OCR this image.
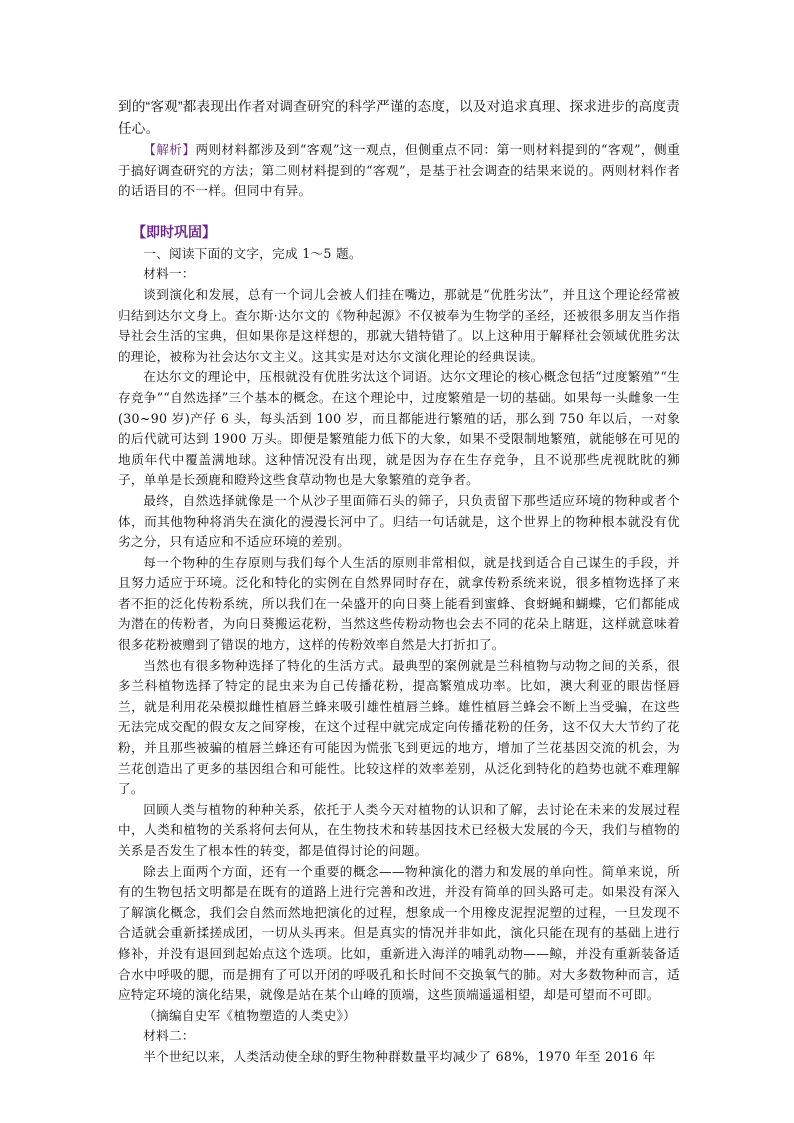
到的“客观”都表现出作者对调查研究的科学严谨的态度，以及对追求真理、探求进步的高度责任心。

【解析】两则材料都涉及到“客观”这一观点，但侧重点不同：第一则材料提到的“客观”，侧重于搞好调查研究的方法；第二则材料提到的“客观”，是基于社会调查的结果来说的。两则材料作者的话语目的不一样。但同中有异。

【即时巩固】

一、阅读下面的文字，完成 1～5 题。

材料一：

谈到演化和发展，总有一个词儿会被人们挂在嘴边，那就是“优胜劣汰”，并且这个理论经常被归结到达尔文身上。查尔斯·达尔文的《物种起源》不仅被奉为生物学的圣经，还被很多朋友当作指导社会生活的宝典，但如果你是这样想的，那就大错特错了。以上这种用于解释社会领域优胜劣汰的理论，被称为社会达尔文主义。这其实是对达尔文演化理论的经典误读。

在达尔文的理论中，压根就没有优胜劣汰这个词语。达尔文理论的核心概念包括“过度繁殖”“生存竞争”“自然选择”三个基本的概念。在这个理论中，过度繁殖是一切的基础。如果每一头雌象一生(30~90 岁)产仔 6 头，每头活到 100 岁，而且都能进行繁殖的话，那么到 750 年以后，一对象的后代就可达到 1900 万头。即便是繁殖能力低下的大象，如果不受限制地繁殖，就能够在可见的地质年代中覆盖满地球。这种情况没有出现，就是因为存在生存竞争，且不说那些虎视眈眈的狮子，单单是长颈鹿和瞪羚这些食草动物也是大象繁殖的竞争者。

最终，自然选择就像是一个从沙子里面筛石头的筛子，只负责留下那些适应环境的物种或者个体，而其他物种将消失在演化的漫漫长河中了。归结一句话就是，这个世界上的物种根本就没有优劣之分，只有适应和不适应环境的差别。

每一个物种的生存原则与我们每个人生活的原则非常相似，就是找到适合自己谋生的手段，并且努力适应于环境。泛化和特化的实例在自然界同时存在，就拿传粉系统来说，很多植物选择了来者不拒的泛化传粉系统，所以我们在一朵盛开的向日葵上能看到蜜蜂、食蚜蝇和蝴蝶，它们都能成为潜在的传粉者，为向日葵搬运花粉，当然这些传粉动物也会去不同的花朵上瞎逛，这样就意味着很多花粉被赠到了错误的地方，这样的传粉效率自然是大打折扣了。

当然也有很多物种选择了特化的生活方式。最典型的案例就是兰科植物与动物之间的关系，很多兰科植物选择了特定的昆虫来为自己传播花粉，提高繁殖成功率。比如，澳大利亚的眼齿怪唇兰，就是利用花朵模拟雌性植唇兰蜂来吸引雄性植唇兰蜂。雄性植唇兰蜂会不断上当受骗，在这些无法完成交配的假女友之间穿梭，在这个过程中就完成定向传播花粉的任务，这不仅大大节约了花粉，并且那些被骗的植唇兰蜂还有可能因为慌张飞到更远的地方，增加了兰花基因交流的机会，为兰花创造出了更多的基因组合和可能性。比较这样的效率差别，从泛化到特化的趋势也就不难理解了。

回顾人类与植物的种种关系，依托于人类今天对植物的认识和了解，去讨论在未来的发展过程中，人类和植物的关系将何去何从，在生物技术和转基因技术已经极大发展的今天，我们与植物的关系是否发生了根本性的转变，都是值得讨论的问题。

除去上面两个方面，还有一个重要的概念——物种演化的潜力和发展的单向性。简单来说，所有的生物包括文明都是在既有的道路上进行完善和改进，并没有简单的回头路可走。如果没有深入了解演化概念，我们会自然而然地把演化的过程，想象成一个用橡皮泥捏泥塑的过程，一旦发现不合适就会重新揉搓成团，一切从头再来。但是真实的情况并非如此，演化只能在现有的基础上进行修补，并没有退回到起始点这个选项。比如，重新进入海洋的哺乳动物——鲸，并没有重新装备适合水中呼吸的腮，而是拥有了可以开闭的呼吸孔和长时间不交换氧气的肺。对大多数物种而言，适应特定环境的演化结果，就像是站在某个山峰的顶端，这些顶端遥遥相望，却是可望而不可即。

（摘编自史军《植物塑造的人类史》）

材料二：

半个世纪以来，人类活动使全球的野生物种群数量平均减少了 68%，1970 年至 2016 年
